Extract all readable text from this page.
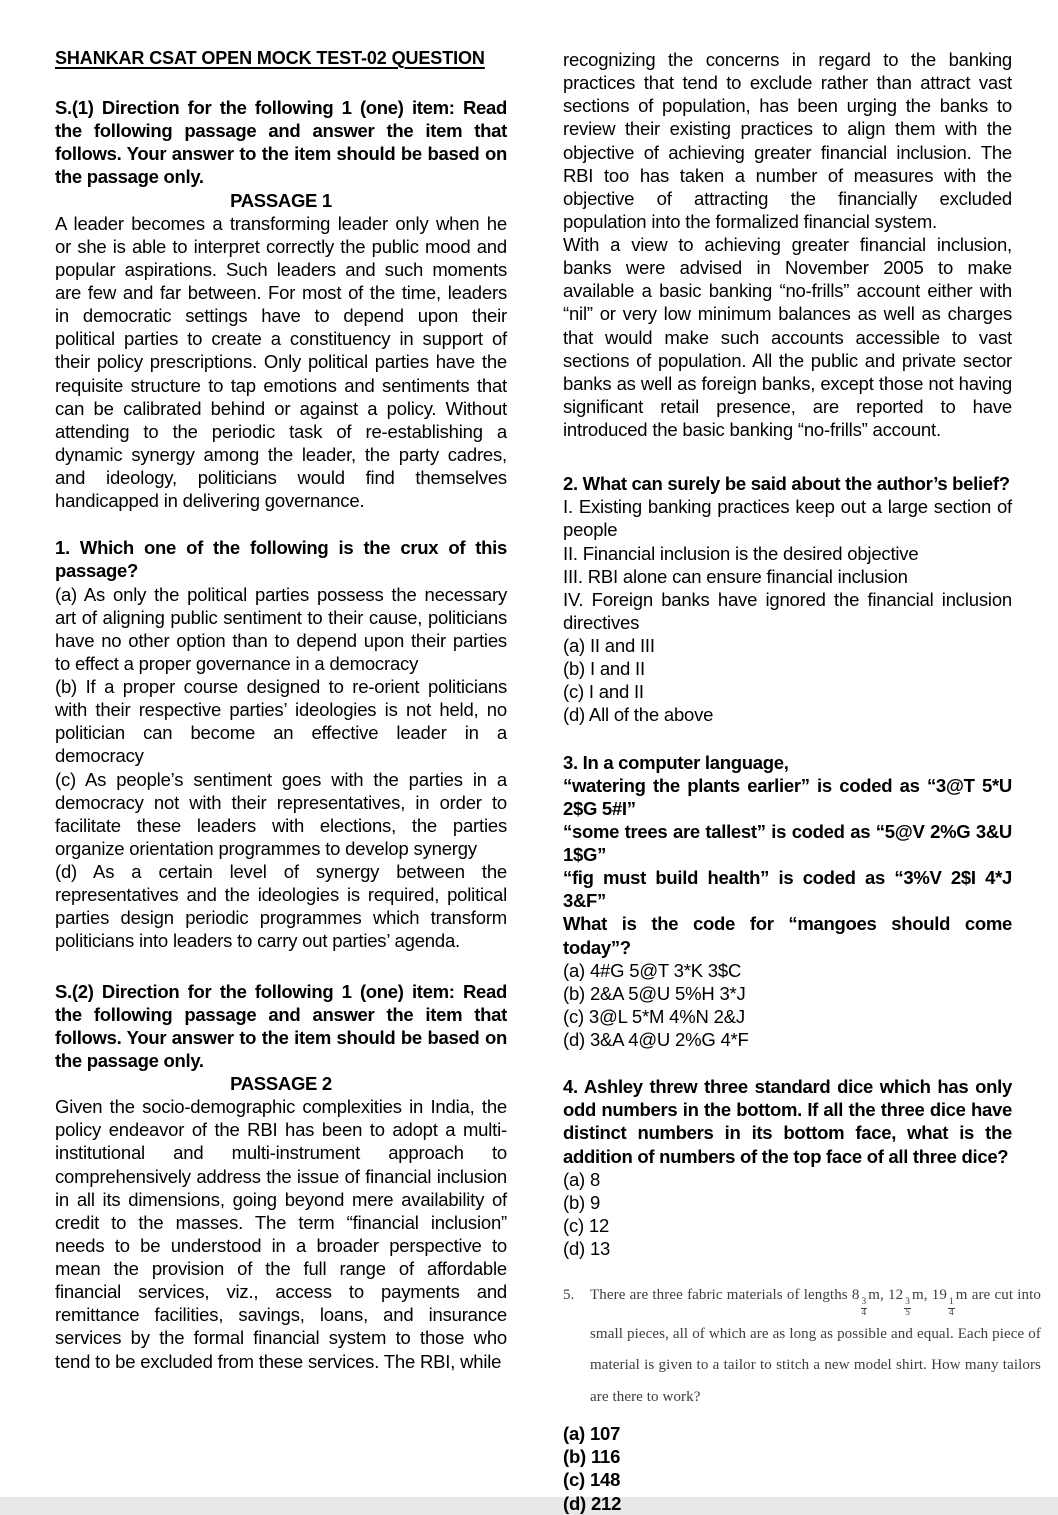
SHANKAR CSAT OPEN MOCK TEST-02 QUESTION

S.(1) Direction for the following 1 (one) item: Read the following passage and answer the item that follows. Your answer to the item should be based on the passage only.

PASSAGE 1

A leader becomes a transforming leader only when he or she is able to interpret correctly the public mood and popular aspirations. Such leaders and such moments are few and far between. For most of the time, leaders in democratic settings have to depend upon their political parties to create a constituency in support of their policy prescriptions. Only political parties have the requisite structure to tap emotions and sentiments that can be calibrated behind or against a policy. Without attending to the periodic task of re-establishing a dynamic synergy among the leader, the party cadres, and ideology, politicians would find themselves handicapped in delivering governance.

1. Which one of the following is the crux of this passage?

(a) As only the political parties possess the necessary art of aligning public sentiment to their cause, politicians have no other option than to depend upon their parties to effect a proper governance in a democracy

(b) If a proper course designed to re-orient politicians with their respective parties’ ideologies is not held, no politician can become an effective leader in a democracy

(c) As people’s sentiment goes with the parties in a democracy not with their representatives, in order to facilitate these leaders with elections, the parties organize orientation programmes to develop synergy

(d) As a certain level of synergy between the representatives and the ideologies is required, political parties design periodic programmes which transform politicians into leaders to carry out parties’ agenda.

S.(2) Direction for the following 1 (one) item: Read the following passage and answer the item that follows. Your answer to the item should be based on the passage only.

PASSAGE 2

Given the socio-demographic complexities in India, the policy endeavor of the RBI has been to adopt a multi-institutional and multi-instrument approach to comprehensively address the issue of financial inclusion in all its dimensions, going beyond mere availability of credit to the masses. The term “financial inclusion” needs to be understood in a broader perspective to mean the provision of the full range of affordable financial services, viz., access to payments and remittance facilities, savings, loans, and insurance services by the formal financial system to those who tend to be excluded from these services. The RBI, while

recognizing the concerns in regard to the banking practices that tend to exclude rather than attract vast sections of population, has been urging the banks to review their existing practices to align them with the objective of achieving greater financial inclusion. The RBI too has taken a number of measures with the objective of attracting the financially excluded population into the formalized financial system.

With a view to achieving greater financial inclusion, banks were advised in November 2005 to make available a basic banking “no-frills” account either with “nil” or very low minimum balances as well as charges that would make such accounts accessible to vast sections of population. All the public and private sector banks as well as foreign banks, except those not having significant retail presence, are reported to have introduced the basic banking “no-frills” account.

2. What can surely be said about the author’s belief?

I. Existing banking practices keep out a large section of people

II. Financial inclusion is the desired objective

III. RBI alone can ensure financial inclusion

IV. Foreign banks have ignored the financial inclusion directives

(a) II and III

(b) I and II

(c) I and II

(d) All of the above

3. In a computer language,

“watering the plants earlier” is coded as “3@T 5*U 2$G 5#I”

“some trees are tallest” is coded as “5@V 2%G 3&U 1$G”

“fig must build health” is coded as “3%V 2$I 4*J 3&F”

What is the code for “mangoes should come today”?

(a) 4#G 5@T 3*K 3$C

(b) 2&A 5@U 5%H 3*J

(c) 3@L 5*M 4%N 2&J

(d) 3&A 4@U 2%G 4*F

4. Ashley threw three standard dice which has only odd numbers in the bottom. If all the three dice have distinct numbers in its bottom face, what is the addition of numbers of the top face of all three dice?

(a) 8

(b) 9

(c) 12

(d) 13

5.	There are three fabric materials of lengths 8
$\frac{3}{4}$
m, 12
$\frac{3}{5}$
m, 19
$\frac{1}{4}$
m are cut into small pieces, all of which are as long as possible and equal. Each piece of material is given to a tailor to stitch a new model shirt. How many tailors are there to work?

(a) 107

(b) 116

(c) 148

(d) 212
